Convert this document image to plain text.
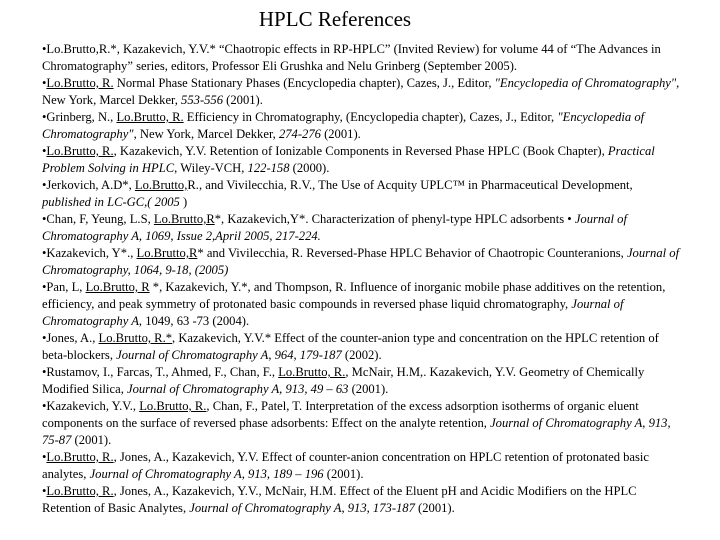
HPLC References

•Lo.Brutto,R.*, Kazakevich, Y.V.* “Chaotropic effects in RP-HPLC” (Invited Review) for volume 44 of “The Advances in Chromatography” series, editors, Professor Eli Grushka and Nelu Grinberg (September 2005).

•Lo.Brutto, R. Normal Phase Stationary Phases (Encyclopedia chapter), Cazes, J., Editor, "Encyclopedia of Chromatography", New York, Marcel Dekker, 553-556 (2001).

•Grinberg, N., Lo.Brutto, R. Efficiency in Chromatography, (Encyclopedia chapter), Cazes, J., Editor, "Encyclopedia of Chromatography", New York, Marcel Dekker, 274-276 (2001).

•Lo.Brutto, R., Kazakevich, Y.V. Retention of Ionizable Components in Reversed Phase HPLC (Book Chapter), Practical Problem Solving in HPLC, Wiley-VCH, 122-158 (2000).

•Jerkovich, A.D*, Lo.Brutto,R., and Vivilecchia, R.V., The Use of Acquity UPLC™ in Pharmaceutical Development, published in LC-GC,( 2005 )

•Chan, F, Yeung, L.S, Lo.Brutto,R*, Kazakevich,Y*. Characterization of phenyl-type HPLC adsorbents • Journal of Chromatography A, 1069, Issue 2,April 2005, 217-224.

•Kazakevich, Y*., Lo.Brutto,R* and Vivilecchia, R. Reversed-Phase HPLC Behavior of Chaotropic Counteranions, Journal of Chromatography, 1064, 9-18, (2005)

•Pan, L, Lo.Brutto, R *, Kazakevich, Y.*, and Thompson, R. Influence of inorganic mobile phase additives on the retention, efficiency, and peak symmetry of protonated basic compounds in reversed phase liquid chromatography, Journal of Chromatography A, 1049, 63 -73 (2004).

•Jones, A., Lo.Brutto, R.*, Kazakevich, Y.V.* Effect of the counter-anion type and concentration on the HPLC retention of beta-blockers, Journal of Chromatography A, 964, 179-187 (2002).

•Rustamov, I., Farcas, T., Ahmed, F., Chan, F., Lo.Brutto, R., McNair, H.M,. Kazakevich, Y.V. Geometry of Chemically Modified Silica, Journal of Chromatography A, 913, 49 – 63 (2001).

•Kazakevich, Y.V., Lo.Brutto, R., Chan, F., Patel, T. Interpretation of the excess adsorption isotherms of organic eluent components on the surface of reversed phase adsorbents: Effect on the analyte retention, Journal of Chromatography A, 913, 75-87 (2001).

•Lo.Brutto, R., Jones, A., Kazakevich, Y.V. Effect of counter-anion concentration on HPLC retention of protonated basic analytes, Journal of Chromatography A, 913, 189 – 196 (2001).

•Lo.Brutto, R., Jones, A., Kazakevich, Y.V., McNair, H.M. Effect of the Eluent pH and Acidic Modifiers on the HPLC Retention of Basic Analytes, Journal of Chromatography A, 913, 173-187 (2001).
